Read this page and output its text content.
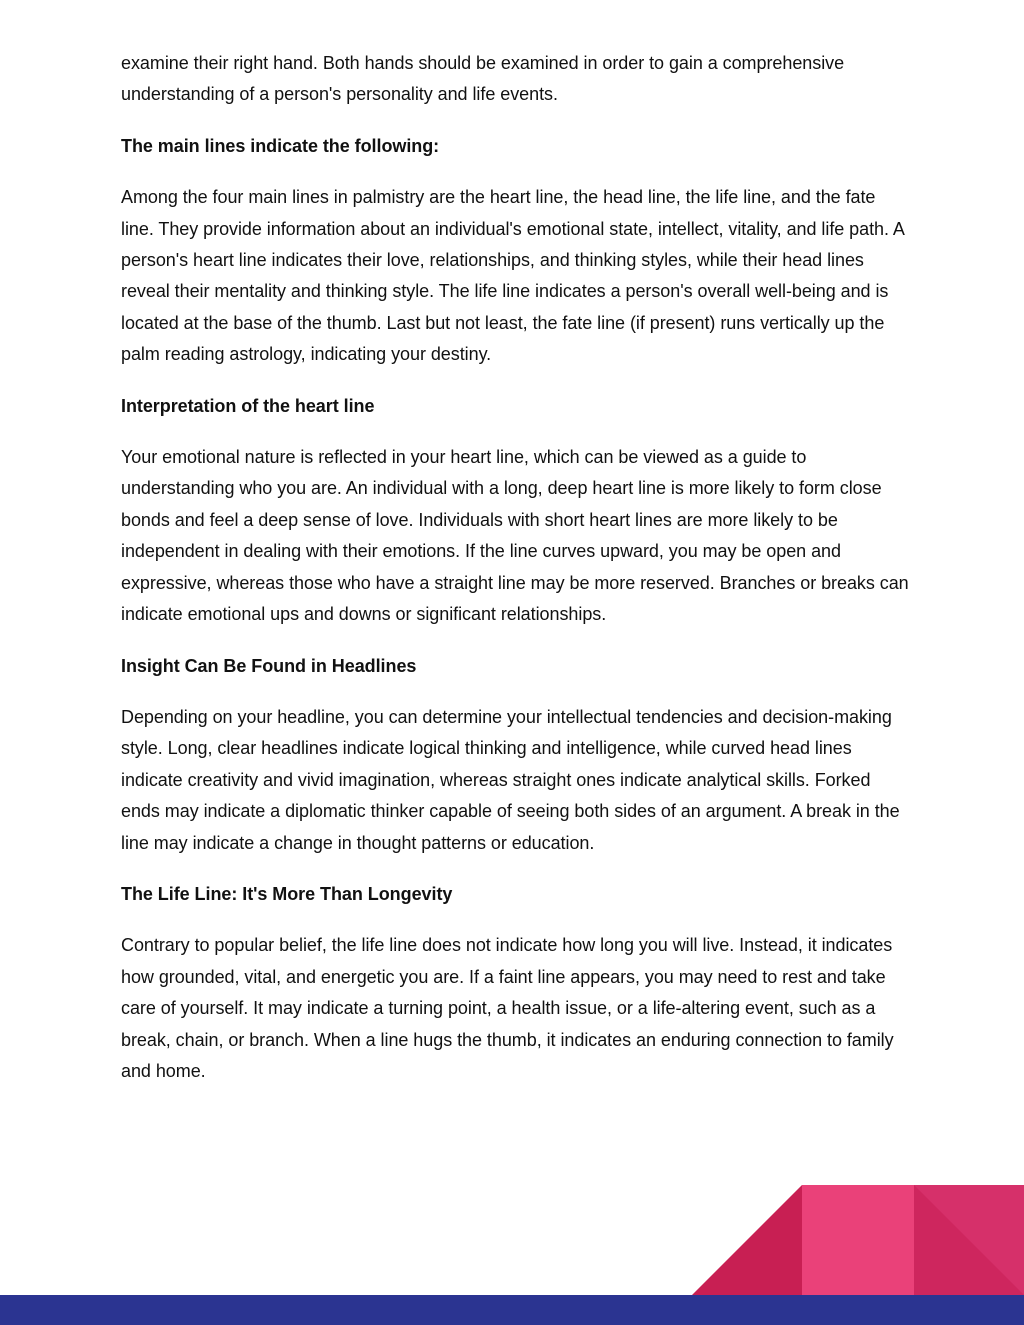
examine their right hand. Both hands should be examined in order to gain a comprehensive understanding of a person's personality and life events.

The main lines indicate the following:

Among the four main lines in palmistry are the heart line, the head line, the life line, and the fate line. They provide information about an individual's emotional state, intellect, vitality, and life path. A person's heart line indicates their love, relationships, and thinking styles, while their head lines reveal their mentality and thinking style. The life line indicates a person's overall well-being and is located at the base of the thumb. Last but not least, the fate line (if present) runs vertically up the palm reading astrology, indicating your destiny.

Interpretation of the heart line

Your emotional nature is reflected in your heart line, which can be viewed as a guide to understanding who you are. An individual with a long, deep heart line is more likely to form close bonds and feel a deep sense of love. Individuals with short heart lines are more likely to be independent in dealing with their emotions. If the line curves upward, you may be open and expressive, whereas those who have a straight line may be more reserved. Branches or breaks can indicate emotional ups and downs or significant relationships.

Insight Can Be Found in Headlines

Depending on your headline, you can determine your intellectual tendencies and decision-making style. Long, clear headlines indicate logical thinking and intelligence, while curved head lines indicate creativity and vivid imagination, whereas straight ones indicate analytical skills. Forked ends may indicate a diplomatic thinker capable of seeing both sides of an argument. A break in the line may indicate a change in thought patterns or education.

The Life Line: It's More Than Longevity

Contrary to popular belief, the life line does not indicate how long you will live. Instead, it indicates how grounded, vital, and energetic you are. If a faint line appears, you may need to rest and take care of yourself. It may indicate a turning point, a health issue, or a life-altering event, such as a break, chain, or branch. When a line hugs the thumb, it indicates an enduring connection to family and home.
